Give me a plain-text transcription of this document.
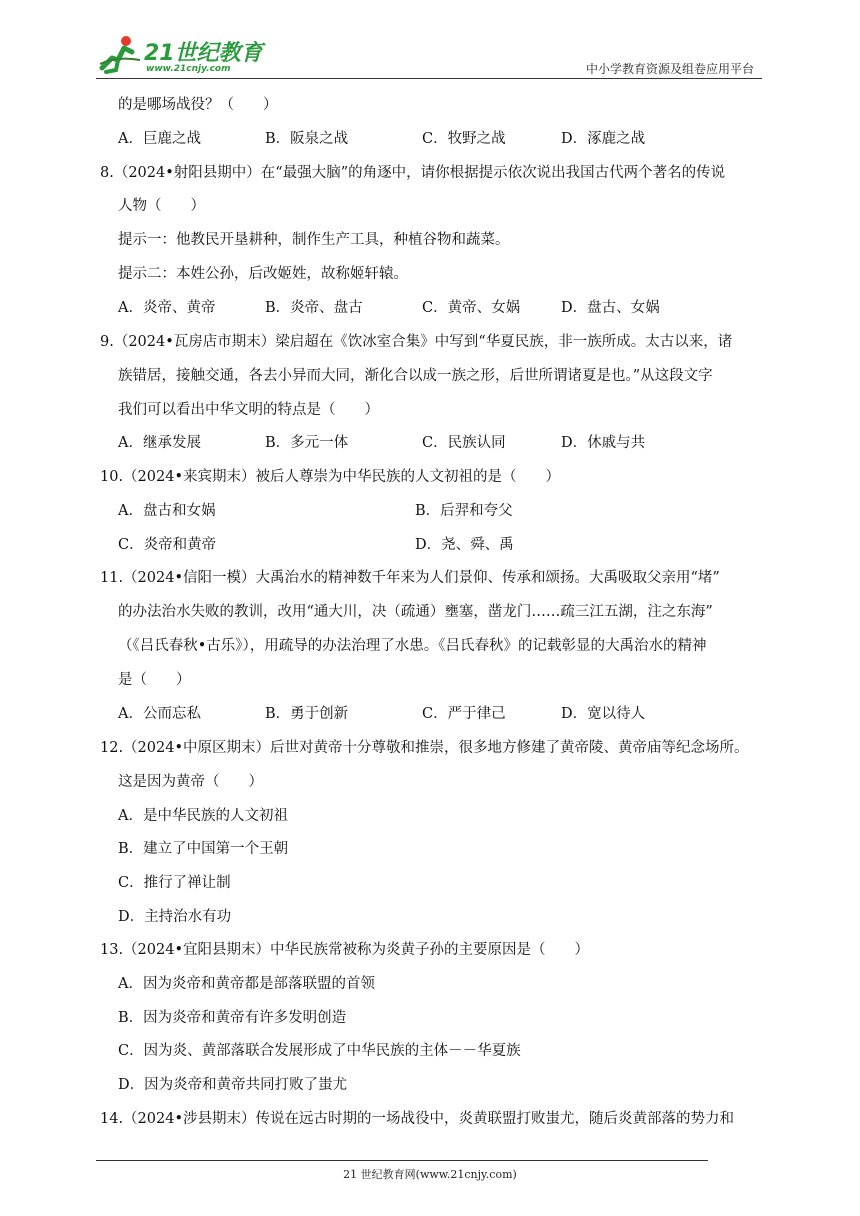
21世纪教育
www.21cnjy.com	中小学教育资源及组卷应用平台
21 世纪教育网(www.21cnjy.com)
的是哪场战役？（　　）
8.（2024•射阳县期中）在“最强大脑”的角逐中，请你根据提示依次说出我国古代两个著名的传说
人物（　　）
提示一：他教民开垦耕种，制作生产工具，种植谷物和蔬菜。
提示二：本姓公孙，后改姬姓，故称姬轩辕。
9.（2024•瓦房店市期末）梁启超在《饮冰室合集》中写到“华夏民族，非一族所成。太古以来，诸
族错居，接触交通，各去小异而大同，渐化合以成一族之形，后世所谓诸夏是也。”从这段文字
我们可以看出中华文明的特点是（　　）
10.（2024•来宾期末）被后人尊崇为中华民族的人文初祖的是（　　）
11.（2024•信阳一模）大禹治水的精神数千年来为人们景仰、传承和颂扬。大禹吸取父亲用“堵”
的办法治水失败的教训，改用“通大川，决（疏通）壅塞，凿龙门……疏三江五湖，注之东海”
（《吕氏春秋•古乐》），用疏导的办法治理了水患。《吕氏春秋》的记载彰显的大禹治水的精神
是（　　）
12.（2024•中原区期末）后世对黄帝十分尊敬和推崇，很多地方修建了黄帝陵、黄帝庙等纪念场所。
这是因为黄帝（　　）
13.（2024•宜阳县期末）中华民族常被称为炎黄子孙的主要原因是（　　）
14.（2024•涉县期末）传说在远古时期的一场战役中，炎黄联盟打败蚩尤，随后炎黄部落的势力和
A．巨鹿之战	B．阪泉之战	C．牧野之战	D．涿鹿之战
A．炎帝、黄帝	B．炎帝、盘古	C．黄帝、女娲	D．盘古、女娲
A．继承发展	B．多元一体	C．民族认同	D．休戚与共
A．盘古和女娲	B．后羿和夸父
C．炎帝和黄帝	D．尧、舜、禹
A．公而忘私	B．勇于创新	C．严于律己	D．宽以待人
A．是中华民族的人文初祖
B．建立了中国第一个王朝
C．推行了禅让制
D．主持治水有功
A．因为炎帝和黄帝都是部落联盟的首领
B．因为炎帝和黄帝有许多发明创造
C．因为炎、黄部落联合发展形成了中华民族的主体－－华夏族
D．因为炎帝和黄帝共同打败了蚩尤
